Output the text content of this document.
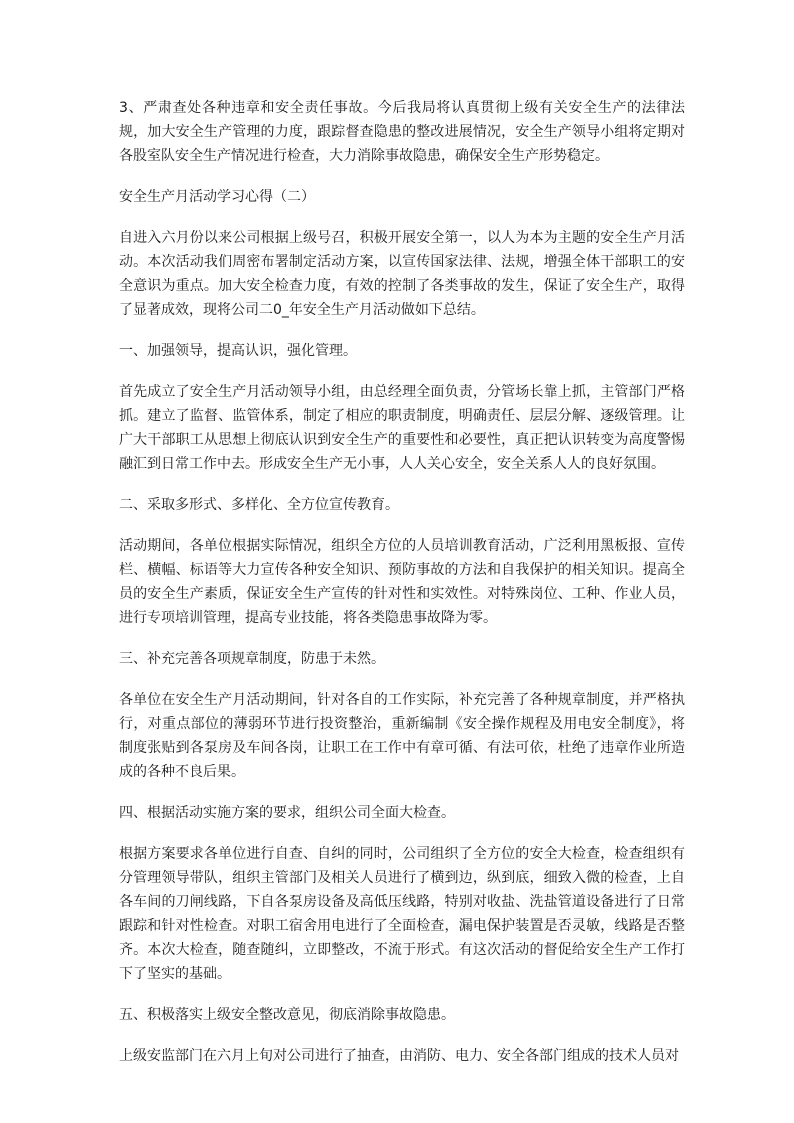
3、严肃查处各种违章和安全责任事故。今后我局将认真贯彻上级有关安全生产的法律法规，加大安全生产管理的力度，跟踪督查隐患的整改进展情况，安全生产领导小组将定期对各股室队安全生产情况进行检查，大力消除事故隐患，确保安全生产形势稳定。

安全生产月活动学习心得（二）

自进入六月份以来公司根据上级号召，积极开展安全第一，以人为本为主题的安全生产月活动。本次活动我们周密布署制定活动方案，以宣传国家法律、法规，增强全体干部职工的安全意识为重点。加大安全检查力度，有效的控制了各类事故的发生，保证了安全生产，取得了显著成效，现将公司二0_年安全生产月活动做如下总结。

一、加强领导，提高认识，强化管理。

首先成立了安全生产月活动领导小组，由总经理全面负责，分管场长靠上抓，主管部门严格抓。建立了监督、监管体系，制定了相应的职责制度，明确责任、层层分解、逐级管理。让广大干部职工从思想上彻底认识到安全生产的重要性和必要性，真正把认识转变为高度警惕融汇到日常工作中去。形成安全生产无小事，人人关心安全，安全关系人人的良好氛围。

二、采取多形式、多样化、全方位宣传教育。

活动期间，各单位根据实际情况，组织全方位的人员培训教育活动，广泛利用黑板报、宣传栏、横幅、标语等大力宣传各种安全知识、预防事故的方法和自我保护的相关知识。提高全员的安全生产素质，保证安全生产宣传的针对性和实效性。对特殊岗位、工种、作业人员，进行专项培训管理，提高专业技能，将各类隐患事故降为零。

三、补充完善各项规章制度，防患于未然。

各单位在安全生产月活动期间，针对各自的工作实际，补充完善了各种规章制度，并严格执行，对重点部位的薄弱环节进行投资整治，重新编制《安全操作规程及用电安全制度》，将制度张贴到各泵房及车间各岗，让职工在工作中有章可循、有法可依，杜绝了违章作业所造成的各种不良后果。

四、根据活动实施方案的要求，组织公司全面大检查。

根据方案要求各单位进行自查、自纠的同时，公司组织了全方位的安全大检查，检查组织有分管理领导带队，组织主管部门及相关人员进行了横到边，纵到底，细致入微的检查，上自各车间的刀闸线路，下自各泵房设备及高低压线路，特别对收盐、洗盐管道设备进行了日常跟踪和针对性检查。对职工宿舍用电进行了全面检查，漏电保护装置是否灵敏，线路是否整齐。本次大检查，随查随纠，立即整改，不流于形式。有这次活动的督促给安全生产工作打下了坚实的基础。

五、积极落实上级安全整改意见，彻底消除事故隐患。

上级安监部门在六月上旬对公司进行了抽查，由消防、电力、安全各部门组成的技术人员对
